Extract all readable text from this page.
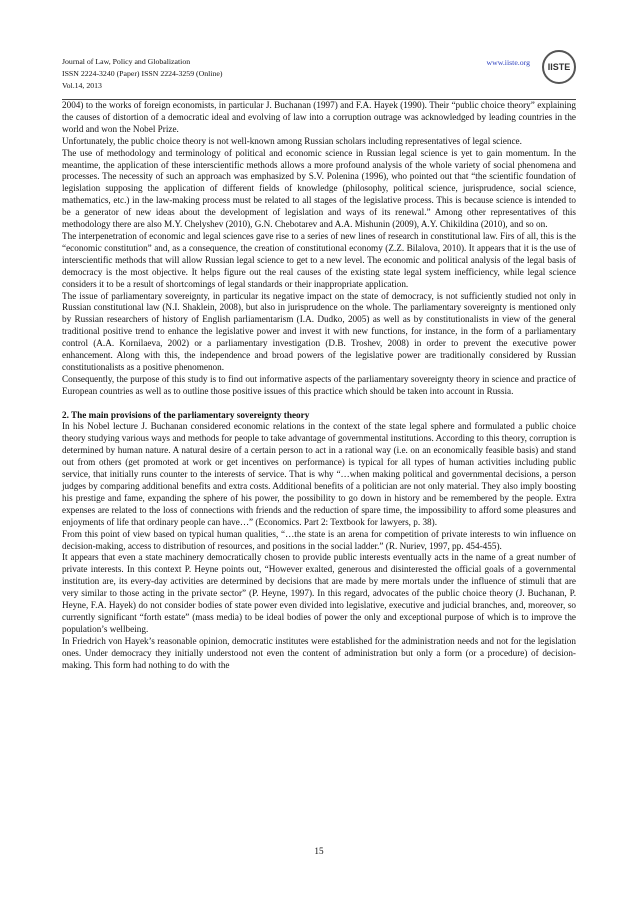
Journal of Law, Policy and Globalization
ISSN 2224-3240 (Paper) ISSN 2224-3259 (Online)
Vol.14, 2013
www.iiste.org IISTE

2004) to the works of foreign economists, in particular J. Buchanan (1997) and F.A. Hayek (1990). Their “public choice theory” explaining the causes of distortion of a democratic ideal and evolving of law into a corruption outrage was acknowledged by leading countries in the world and won the Nobel Prize.

Unfortunately, the public choice theory is not well-known among Russian scholars including representatives of legal science.

The use of methodology and terminology of political and economic science in Russian legal science is yet to gain momentum. In the meantime, the application of these interscientific methods allows a more profound analysis of the whole variety of social phenomena and processes. The necessity of such an approach was emphasized by S.V. Polenina (1996), who pointed out that “the scientific foundation of legislation supposing the application of different fields of knowledge (philosophy, political science, jurisprudence, social science, mathematics, etc.) in the law-making process must be related to all stages of the legislative process. This is because science is intended to be a generator of new ideas about the development of legislation and ways of its renewal.” Among other representatives of this methodology there are also M.Y. Chelyshev (2010), G.N. Chebotarev and A.A. Mishunin (2009), A.Y. Chikildina (2010), and so on.

The interpenetration of economic and legal sciences gave rise to a series of new lines of research in constitutional law. Firs of all, this is the “economic constitution” and, as a consequence, the creation of constitutional economy (Z.Z. Bilalova, 2010). It appears that it is the use of interscientific methods that will allow Russian legal science to get to a new level. The economic and political analysis of the legal basis of democracy is the most objective. It helps figure out the real causes of the existing state legal system inefficiency, while legal science considers it to be a result of shortcomings of legal standards or their inappropriate application.

The issue of parliamentary sovereignty, in particular its negative impact on the state of democracy, is not sufficiently studied not only in Russian constitutional law (N.I. Shaklein, 2008), but also in jurisprudence on the whole. The parliamentary sovereignty is mentioned only by Russian researchers of history of English parliamentarism (I.A. Dudko, 2005) as well as by constitutionalists in view of the general traditional positive trend to enhance the legislative power and invest it with new functions, for instance, in the form of a parliamentary control (A.A. Kornilaeva, 2002) or a parliamentary investigation (D.B. Troshev, 2008) in order to prevent the executive power enhancement. Along with this, the independence and broad powers of the legislative power are traditionally considered by Russian constitutionalists as a positive phenomenon.

Consequently, the purpose of this study is to find out informative aspects of the parliamentary sovereignty theory in science and practice of European countries as well as to outline those positive issues of this practice which should be taken into account in Russia.

2. The main provisions of the parliamentary sovereignty theory

In his Nobel lecture J. Buchanan considered economic relations in the context of the state legal sphere and formulated a public choice theory studying various ways and methods for people to take advantage of governmental institutions. According to this theory, corruption is determined by human nature. A natural desire of a certain person to act in a rational way (i.e. on an economically feasible basis) and stand out from others (get promoted at work or get incentives on performance) is typical for all types of human activities including public service, that initially runs counter to the interests of service. That is why “…when making political and governmental decisions, a person judges by comparing additional benefits and extra costs. Additional benefits of a politician are not only material. They also imply boosting his prestige and fame, expanding the sphere of his power, the possibility to go down in history and be remembered by the people. Extra expenses are related to the loss of connections with friends and the reduction of spare time, the impossibility to afford some pleasures and enjoyments of life that ordinary people can have…” (Economics. Part 2: Textbook for lawyers, p. 38).

From this point of view based on typical human qualities, “…the state is an arena for competition of private interests to win influence on decision-making, access to distribution of resources, and positions in the social ladder.” (R. Nuriev, 1997, pp. 454-455).

It appears that even a state machinery democratically chosen to provide public interests eventually acts in the name of a great number of private interests. In this context P. Heyne points out, “However exalted, generous and disinterested the official goals of a governmental institution are, its every-day activities are determined by decisions that are made by mere mortals under the influence of stimuli that are very similar to those acting in the private sector” (P. Heyne, 1997). In this regard, advocates of the public choice theory (J. Buchanan, P. Heyne, F.A. Hayek) do not consider bodies of state power even divided into legislative, executive and judicial branches, and, moreover, so currently significant “forth estate” (mass media) to be ideal bodies of power the only and exceptional purpose of which is to improve the population’s wellbeing.

In Friedrich von Hayek’s reasonable opinion, democratic institutes were established for the administration needs and not for the legislation ones. Under democracy they initially understood not even the content of administration but only a form (or a procedure) of decision-making. This form had nothing to do with the

15
